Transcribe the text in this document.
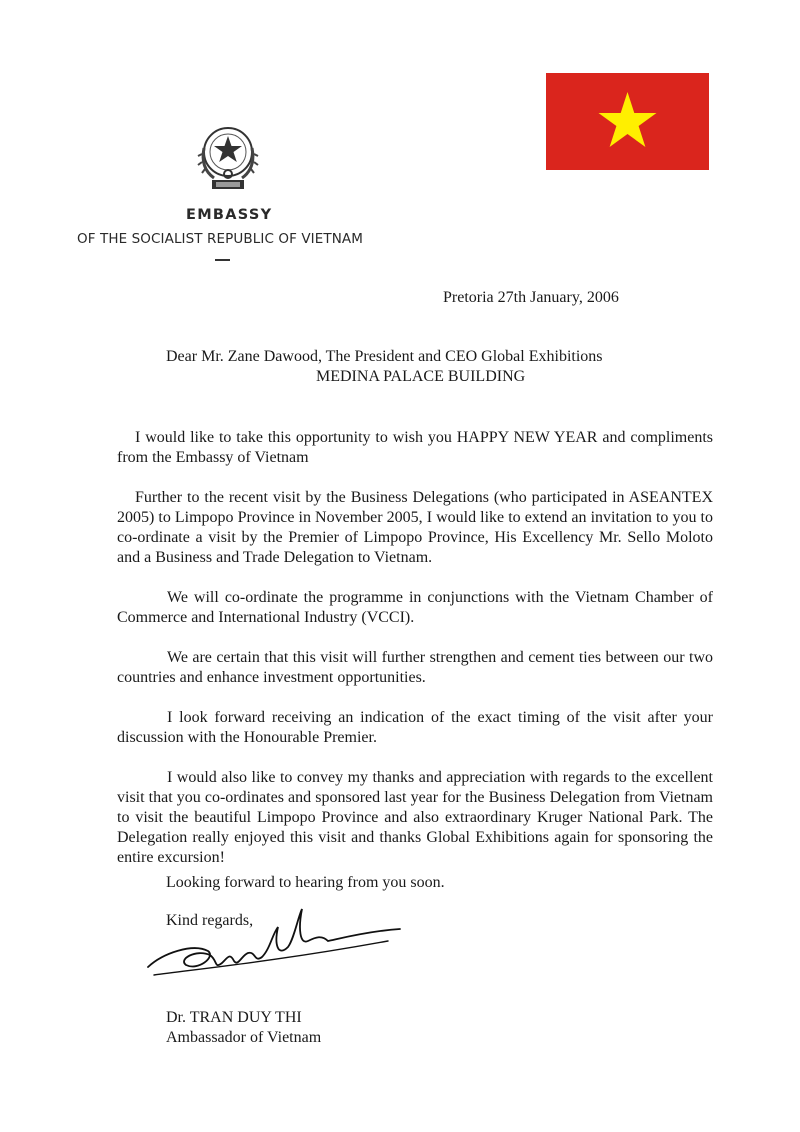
EMBASSY
OF THE SOCIALIST REPUBLIC OF VIETNAM
Pretoria 27th January, 2006
Dear Mr. Zane Dawood, The President and CEO Global Exhibitions
MEDINA PALACE BUILDING

I would like to take this opportunity to wish you HAPPY NEW YEAR and compliments from the Embassy of Vietnam

Further to the recent visit by the Business Delegations (who participated in ASEANTEX 2005) to Limpopo Province in November 2005, I would like to extend an invitation to you to co-ordinate a visit by the Premier of Limpopo Province, His Excellency Mr. Sello Moloto and a Business and Trade Delegation to Vietnam.

We will co-ordinate the programme in conjunctions with the Vietnam Chamber of Commerce and International Industry (VCCI).

We are certain that this visit will further strengthen and cement ties between our two countries and enhance investment opportunities.

I look forward receiving an indication of the exact timing of the visit after your discussion with the Honourable Premier.

I would also like to convey my thanks and appreciation with regards to the excellent visit that you co-ordinates and sponsored last year for the Business Delegation from Vietnam to visit the beautiful Limpopo Province and also extraordinary Kruger National Park. The Delegation really enjoyed this visit and thanks Global Exhibitions again for sponsoring the entire excursion!

Looking forward to hearing from you soon.
Kind regards,
Dr. TRAN DUY THI
Ambassador of Vietnam
